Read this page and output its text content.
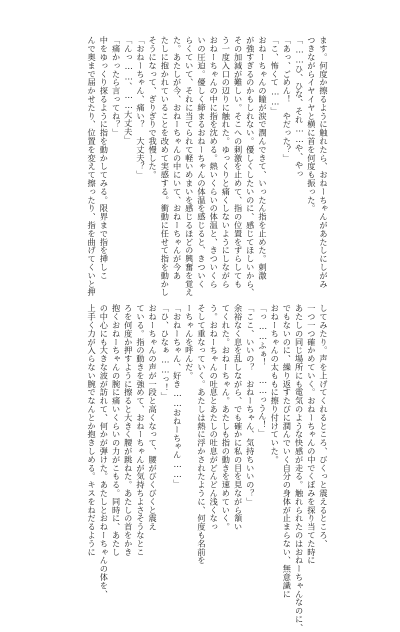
ます。何度か擦るように触れたら、おねーちゃんがあたしにしがみ
つきながらイヤイヤと横に首を何度も振った。
「……ひ、ひな、それ……や、やっ
「あっ、ごめん！　やだった？」
「こ、怖くて……」
おねーちゃんの瞳が涙で潤んできて、いったん指を止めた。刺激
が強すぎるのかもしれない。優しくしたいのに、感じてほしいから、
その加減が難しい。そこへの刺激を止めて、指の位置をずらしても
う一度入口の辺りに触れた。ゆっくりと痛くしないようにしながら
おねーちゃんの中に指を沈める。熱いくらいの体温と、きついくら
いの圧迫。優しく締まるおねーちゃんの体温を感じると、きついく
らくていて、それに当てられて軽いめまいを感じるほどの興奮を覚え
た。あたしが今、おねーちゃんの中にいて、おねーちゃんが今あ
たしに抱かれていることを改めて実感する。衝動に任せて指を動かし
そうになって、ぎりぎりで我慢した。
「おねーちゃん、痛い？　大丈夫？」
「んっ……、……大丈夫」
「痛かったら言ってね？」
中をゆっくり探るように指を動かしてみる。限界まで指を挿しこ
んで奥まで届かせたり、位置を変えて擦ったり、指を曲げてくいと押
してみたり。声を上げてくれるところ、びくっと震えるところ、
一つ一つ確かめていく。おねーちゃんの中でくぼみを探り当てた時に
あたしの同じ場所にも電気のような快感が走る。触れられたのはおねーちゃんなのに、
でもないのに、繰り返すたびに潤んでいく自分の身体が止まらない、無意識に
おねーちゃんの太ももに擦り付けていた。
「っ……ふぁ！　……っうん！」
「ここ、いいの？　おねーちゃん、気持ちいいの？」
余裕なく息を乱しながら、でも確かに私の目を見ながら頷い
てくれた。おねーちゃん。あたしも指の動きを速めていく。
う。おねーちゃんの吐息とあたしの吐息がどんどん浅くなっ
そして重なっていく。あたしは熱に浮かされたように、何度も名前を
ーちゃんを呼んだ。
「おねーちゃん、好き……おねーちゃん……」
「ひ、ひなぁ……っ！」
おねーちゃんの声が一段と高くなって、腰がびくびくと震え
ている。指の動きを強めて、おねーちゃんが気持ちよさそうなとこ
ろを何度か押すように擦ると大きく腰が跳ねた。あたしの首をかき
抱くおねーちゃんの腕に痛いくらいの力がこもる。同時に、あたし
の中心にも大きな波が訪れて、何かが弾けた。あたしとおねーちゃんの体を、
上手く力が入らない腕でなんとか抱きしめる。キスをねだるように
